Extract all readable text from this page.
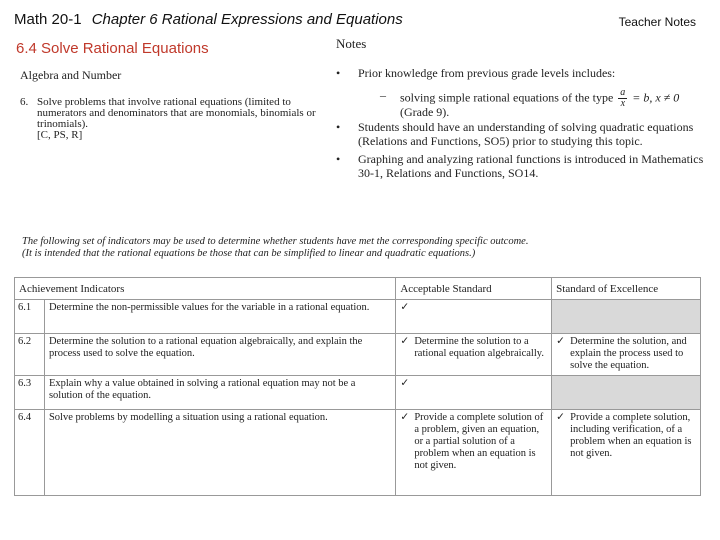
Math 20-1 Chapter 6 Rational Expressions and Equations	Teacher Notes
6.4 Solve Rational Equations
Algebra and Number
6. Solve problems that involve rational equations (limited to numerators and denominators that are monomials, binomials or trinomials).
[C, PS, R]
Notes
• Prior knowledge from previous grade levels includes:
– solving simple rational equations of the type $\frac{a}{x} = b$, x ≠ 0
(Grade 9).
• Students should have an understanding of solving quadratic equations (Relations and Functions, SO5) prior to studying this topic.
• Graphing and analyzing rational functions is introduced in Mathematics 30-1, Relations and Functions, SO14.
The following set of indicators may be used to determine whether students have met the corresponding specific outcome.
(It is intended that the rational equations be those that can be simplified to linear and quadratic equations.)
Achievement Indicators		Acceptable Standard	Standard of Excellence
6.1	Determine the non-permissible values for the variable in a rational equation.	✓	
6.2	Determine the solution to a rational equation algebraically, and explain the process used to solve the equation.	✓ Determine the solution to a rational equation algebraically.	✓ Determine the solution, and explain the process used to solve the equation.

6.3	Explain why a value obtained in solving a rational equation may not be a solution of the equation.	✓	
6.4	Solve problems by modelling a situation using a rational equation.	✓ Provide a complete solution of a problem, given an equation, or a partial solution of a problem when an equation is not given.	✓ Provide a complete solution, including verification, of a problem when an equation is not given.
